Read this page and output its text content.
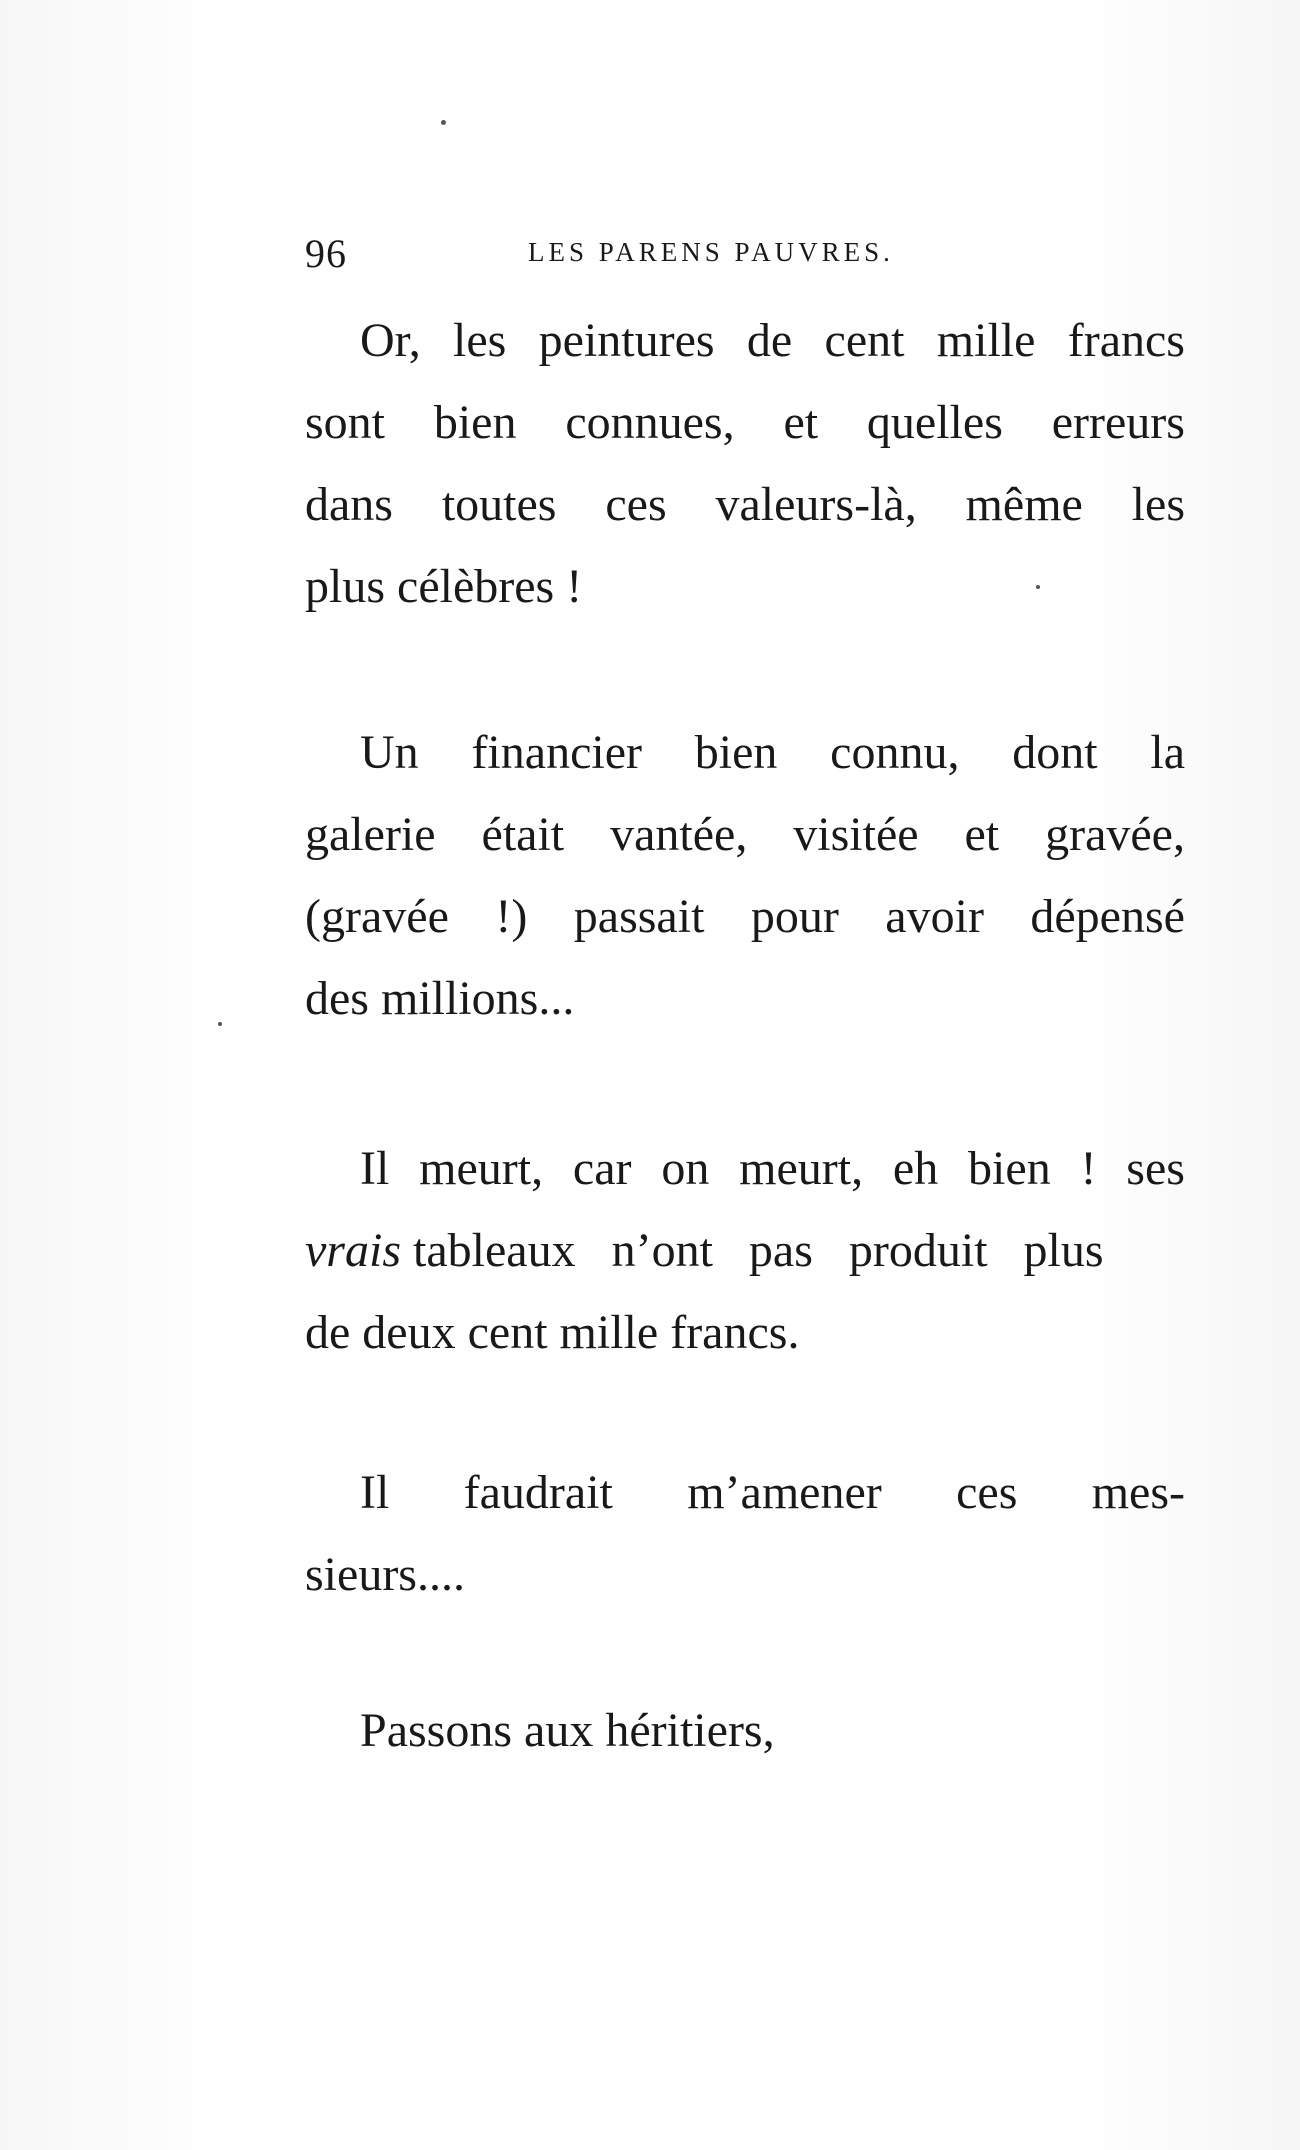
96	LES PARENS PAUVRES.
Or, les peintures de cent mille francs
sont bien connues, et quelles erreurs
dans toutes ces valeurs-là, même les
plus célèbres !
Un financier bien connu, dont la
galerie était vantée, visitée et gravée,
(gravée !) passait pour avoir dépensé
des millions...
Il meurt, car on meurt, eh bien ! ses
vrais tableaux n’ont pas produit plus
de deux cent mille francs.
Il faudrait m’amener ces mes-
sieurs....
Passons aux héritiers,
